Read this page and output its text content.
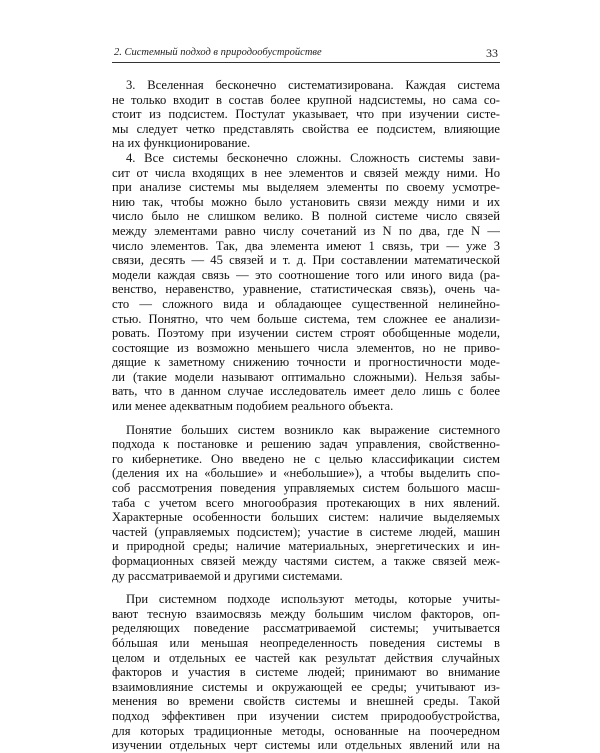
2. Системный подход в природообустройстве	33
3. Вселенная бесконечно систематизирована. Каждая система
не только входит в состав более крупной надсистемы, но сама со-
стоит из подсистем. Постулат указывает, что при изучении систе-
мы следует четко представлять свойства ее подсистем, влияющие
на их функционирование.
4. Все системы бесконечно сложны. Сложность системы зави-
сит от числа входящих в нее элементов и связей между ними. Но
при анализе системы мы выделяем элементы по своему усмотре-
нию так, чтобы можно было установить связи между ними и их
число было не слишком велико. В полной системе число связей
между элементами равно числу сочетаний из N по два, где N —
число элементов. Так, два элемента имеют 1 связь, три — уже 3
связи, десять — 45 связей и т. д. При составлении математической
модели каждая связь — это соотношение того или иного вида (ра-
венство, неравенство, уравнение, статистическая связь), очень ча-
сто — сложного вида и обладающее существенной нелинейно-
стью. Понятно, что чем больше система, тем сложнее ее анализи-
ровать. Поэтому при изучении систем строят обобщенные модели,
состоящие из возможно меньшего числа элементов, но не приво-
дящие к заметному снижению точности и прогностичности моде-
ли (такие модели называют оптимально сложными). Нельзя забы-
вать, что в данном случае исследователь имеет дело лишь с более
или менее адекватным подобием реального объекта.
Понятие больших систем возникло как выражение системного
подхода к постановке и решению задач управления, свойственно-
го кибернетике. Оно введено не с целью классификации систем
(деления их на «большие» и «небольшие»), а чтобы выделить спо-
соб рассмотрения поведения управляемых систем большого масш-
таба с учетом всего многообразия протекающих в них явлений.
Характерные особенности больших систем: наличие выделяемых
частей (управляемых подсистем); участие в системе людей, машин
и природной среды; наличие материальных, энергетических и ин-
формационных связей между частями систем, а также связей меж-
ду рассматриваемой и другими системами.
При системном подходе используют методы, которые учиты-
вают тесную взаимосвязь между большим числом факторов, оп-
ределяющих поведение рассматриваемой системы; учитывается
бóльшая или меньшая неопределенность поведения системы в
целом и отдельных ее частей как результат действия случайных
факторов и участия в системе людей; принимают во внимание
взаимовлияние системы и окружающей ее среды; учитывают из-
менения во времени свойств системы и внешней среды. Такой
подход эффективен при изучении систем природообустройства,
для которых традиционные методы, основанные на поочередном
изучении отдельных черт системы или отдельных явлений или на
